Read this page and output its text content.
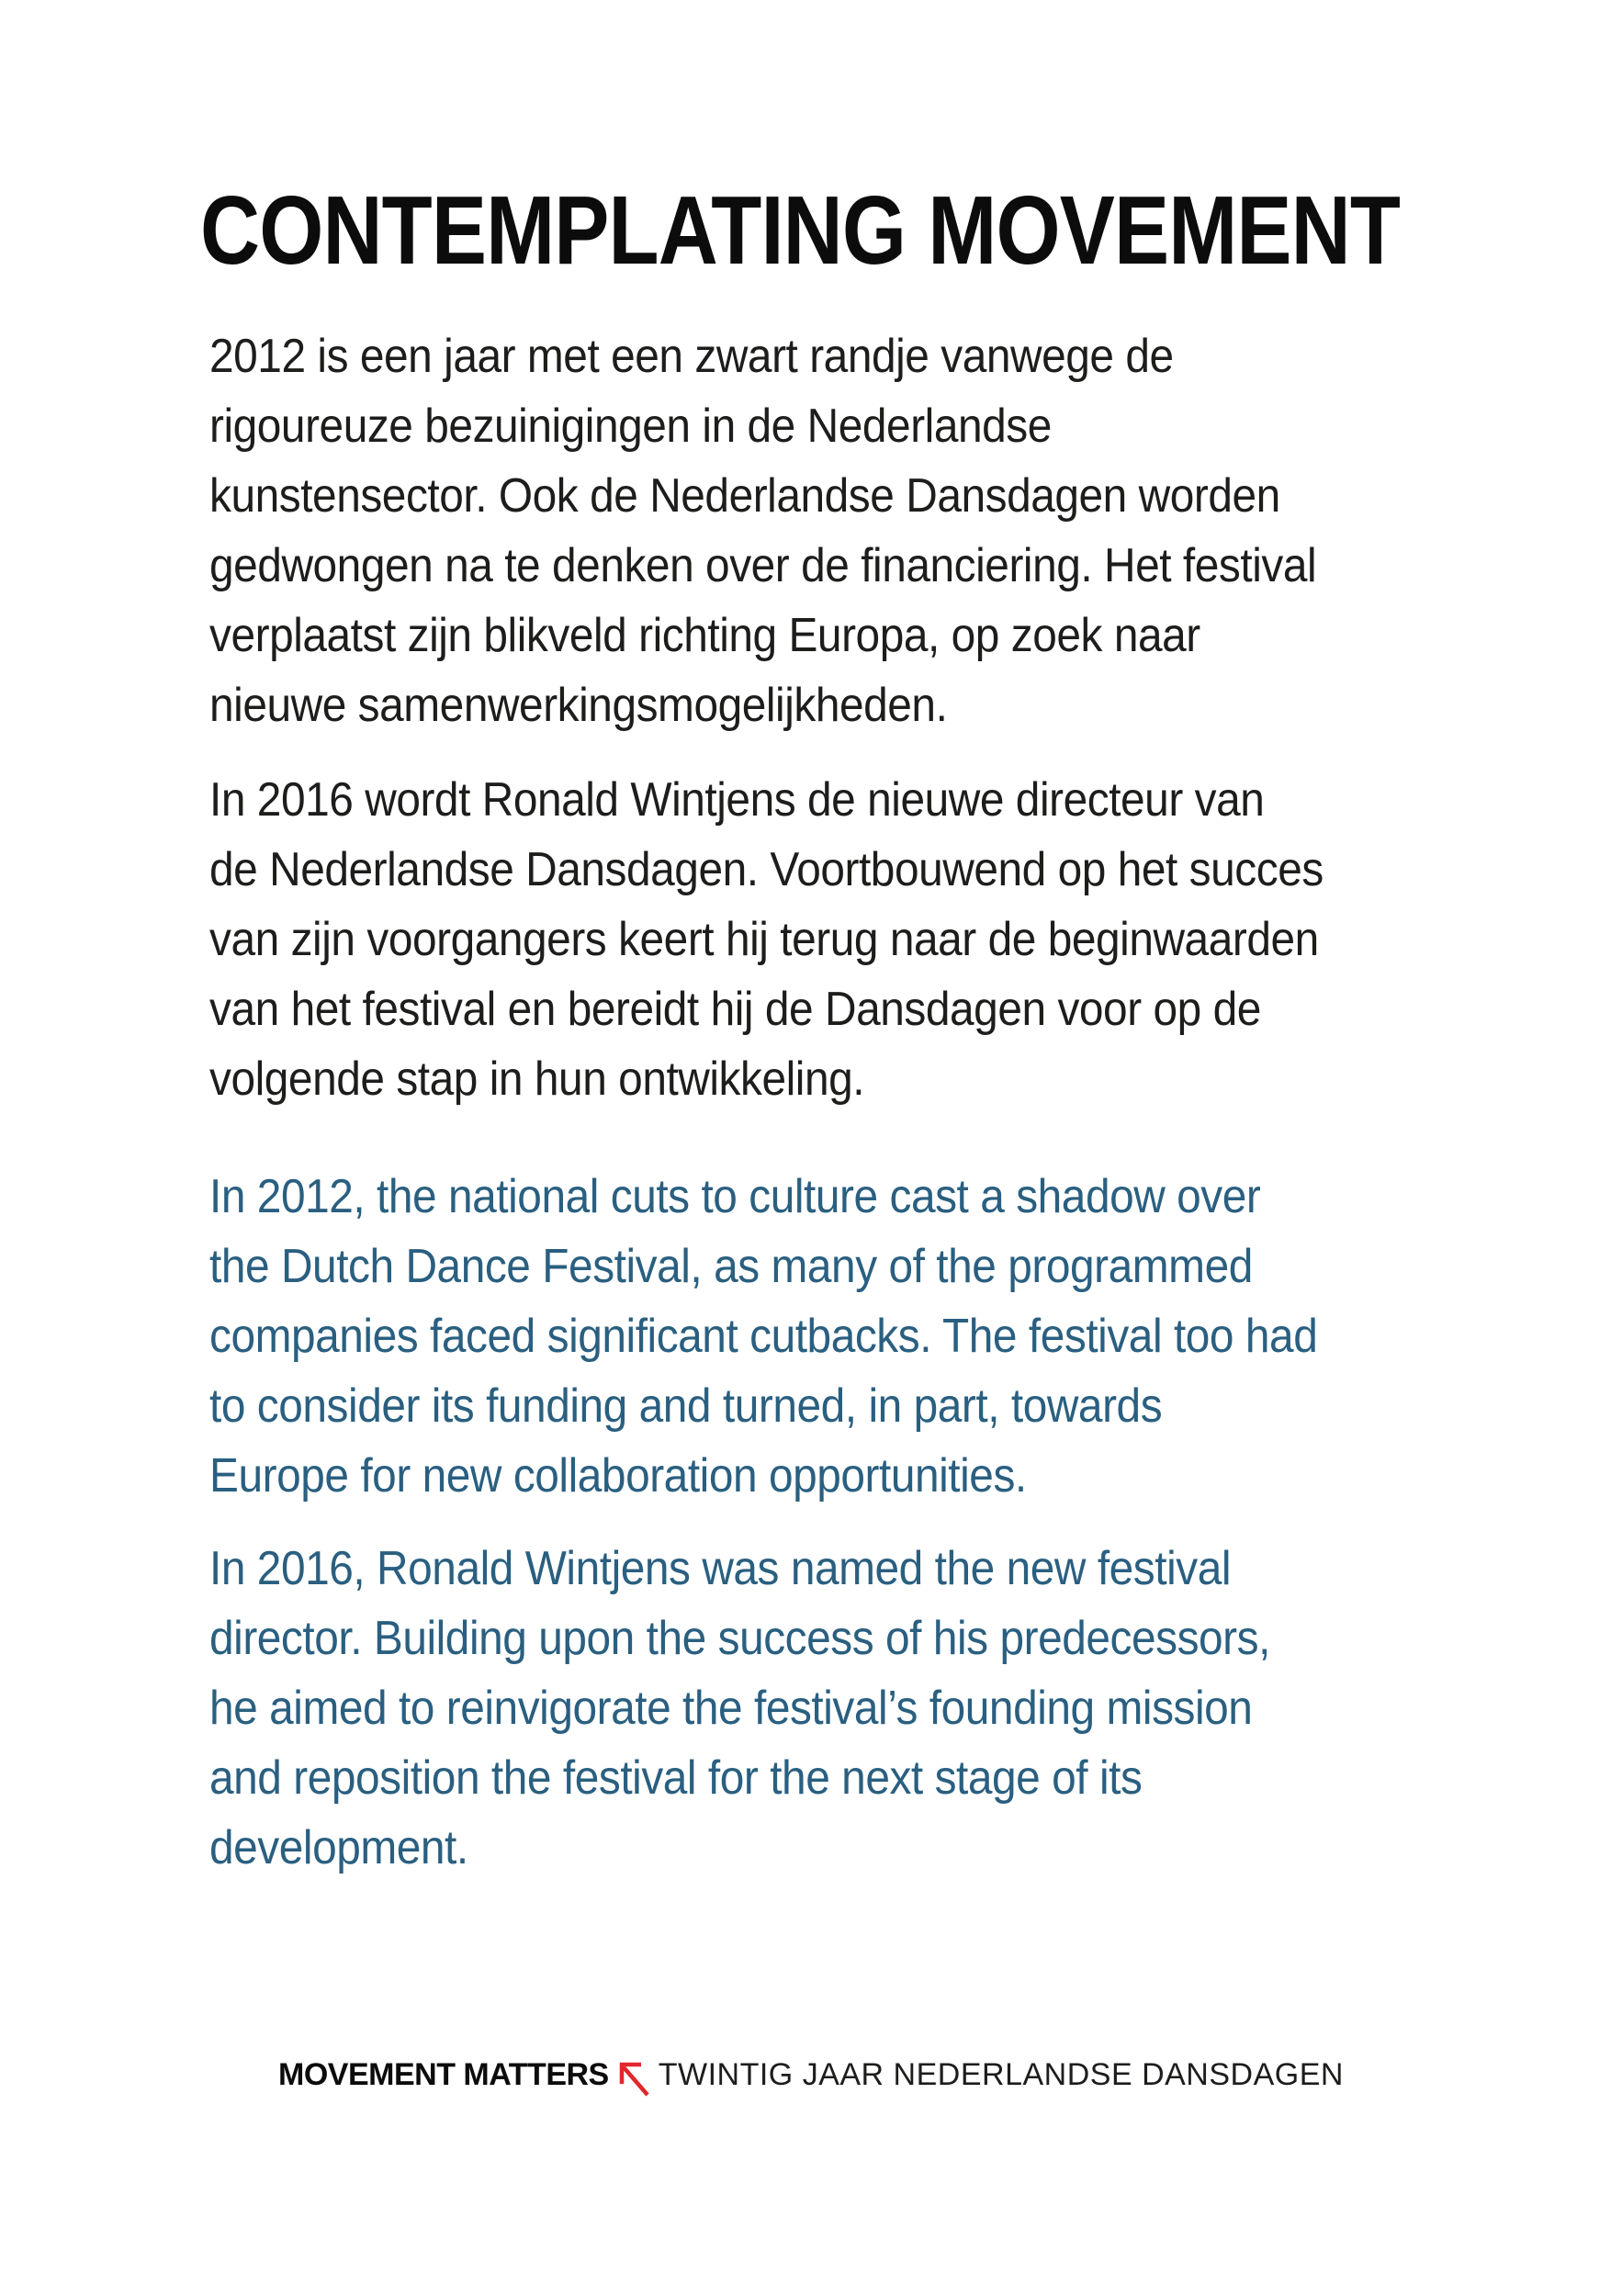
CONTEMPLATING MOVEMENT
2012 is een jaar met een zwart randje vanwege de
rigoureuze bezuinigingen in de Nederlandse
kunstensector. Ook de Nederlandse Dansdagen worden
gedwongen na te denken over de financiering. Het festival
verplaatst zijn blikveld richting Europa, op zoek naar
nieuwe samenwerkingsmogelijkheden.
In 2016 wordt Ronald Wintjens de nieuwe directeur van
de Nederlandse Dansdagen. Voortbouwend op het succes
van zijn voorgangers keert hij terug naar de beginwaarden
van het festival en bereidt hij de Dansdagen voor op de
volgende stap in hun ontwikkeling.
In 2012, the national cuts to culture cast a shadow over
the Dutch Dance Festival, as many of the programmed
companies faced significant cutbacks. The festival too had
to consider its funding and turned, in part, towards
Europe for new collaboration opportunities.
In 2016, Ronald Wintjens was named the new festival
director. Building upon the success of his predecessors,
he aimed to reinvigorate the festival’s founding mission
and reposition the festival for the next stage of its
development.
MOVEMENT MATTERS TWINTIG JAAR NEDERLANDSE DANSDAGEN
